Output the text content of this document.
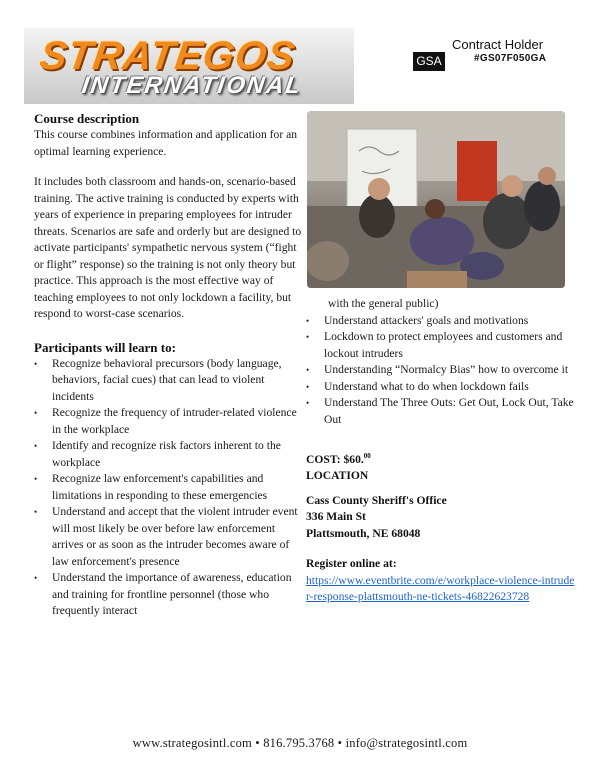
STRATEGOS
INTERNATIONAL
GSA
Contract Holder
#GS07F050GA
Course description

This course combines information and application for an optimal learning experience.

It includes both classroom and hands-on, scenario-based training. The active training is conducted by experts with years of experience in preparing employees for intruder threats. Scenarios are safe and orderly but are designed to activate participants' sympathetic nervous system (“fight or flight” response) so the training is not only theory but practice. This approach is the most effective way of teaching employees to not only lockdown a facility, but respond to worst-case scenarios.

Participants will learn to:
• Recognize behavioral precursors (body language, behaviors, facial cues) that can lead to violent incidents
• Recognize the frequency of intruder-related violence in the workplace
• Identify and recognize risk factors inherent to the workplace
• Recognize law enforcement's capabilities and limitations in responding to these emergencies
• Understand and accept that the violent intruder event will most likely be over before law enforcement arrives or as soon as the intruder becomes aware of law enforcement's presence
• Understand the importance of awareness, education and training for frontline personnel (those who frequently interact
with the general public)
• Understand attackers' goals and motivations
• Lockdown to protect employees and customers and lockout intruders
• Understanding “Normalcy Bias” how to overcome it
• Understand what to do when lockdown fails
• Understand The Three Outs: Get Out, Lock Out, Take Out
COST: $60.00
LOCATION
Cass County Sheriff's Office
336 Main St
Plattsmouth, NE 68048
Register online at:
https://www.eventbrite.com/e/workplace-violence-intruder-response-plattsmouth-ne-tickets-46822623728
www.strategosintl.com • 816.795.3768 • info@strategosintl.com
